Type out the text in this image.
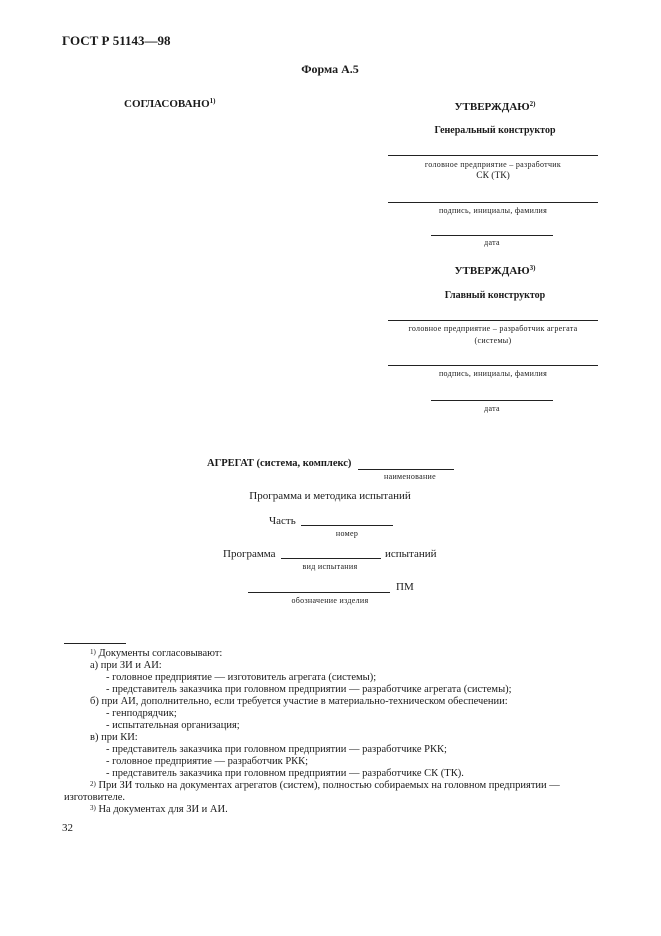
ГОСТ Р 51143—98
Форма А.5
СОГЛАСОВАНО$^{1)}$	УТВЕРЖДАЮ$^{2)}$
Генеральный конструктор
головное предприятие – разработчик
СК (ТК)
подпись, инициалы, фамилия
дата
УТВЕРЖДАЮ$^{3)}$
Главный конструктор
головное предприятие – разработчик агрегата
(системы)
подпись, инициалы, фамилия
дата
АГРЕГАТ (система, комплекс)
наименование
Программа и методика испытаний
Часть
номер
Программа	испытаний
вид испытания
ПМ
обозначение изделия
$^{1)}$ Документы согласовывают:
а) при ЗИ и АИ:
- головное предприятие — изготовитель агрегата (системы);
- представитель заказчика при головном предприятии — разработчике агрегата (системы);
б) при АИ, дополнительно, если требуется участие в материально-техническом обеспечении:
- генподрядчик;
- испытательная организация;
в) при КИ:
- представитель заказчика при головном предприятии — разработчике РКК;
- головное предприятие — разработчик РКК;
- представитель заказчика при головном предприятии — разработчике СК (ТК).
$^{2)}$ При ЗИ только на документах агрегатов (систем), полностью собираемых на головном предприятии —
изготовителе.
$^{3)}$ На документах для ЗИ и АИ.
32
